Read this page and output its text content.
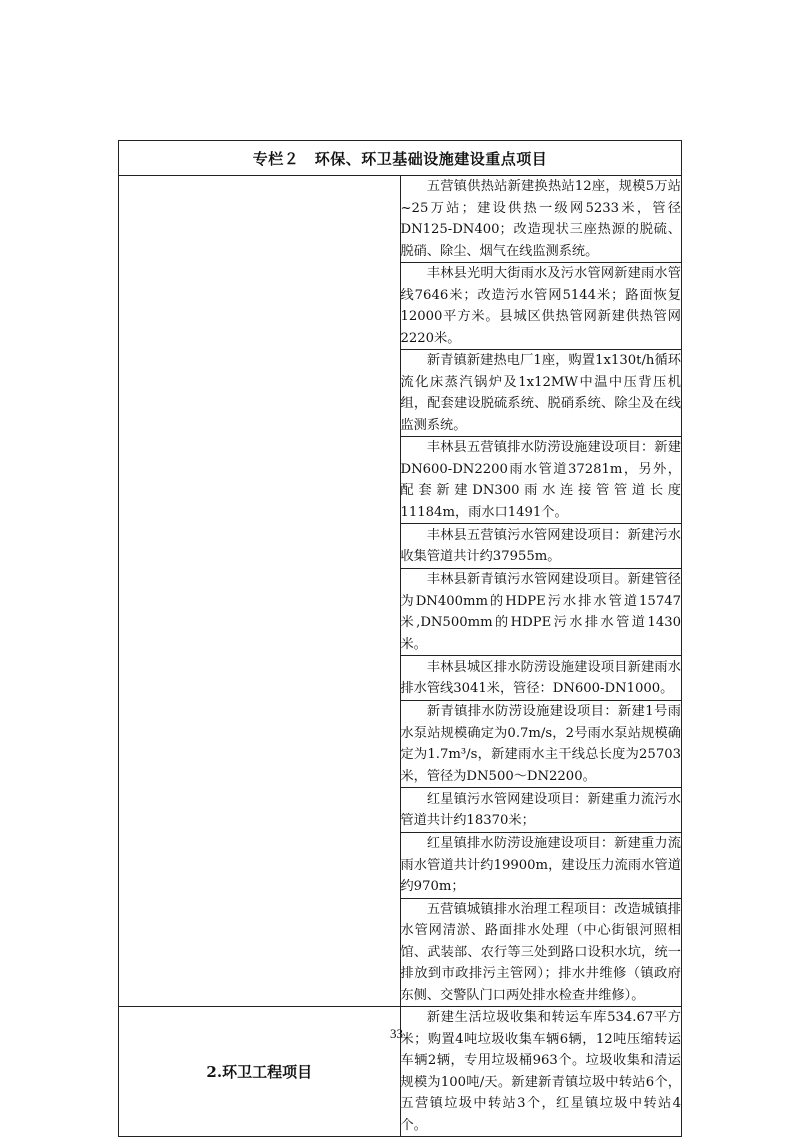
专栏２　环保、环卫基础设施建设重点项目	
	五营镇供热站新建换热站12座，规模5万站~25万站；建设供热一级网5233米，管径DN125-DN400；改造现状三座热源的脱硫、脱硝、除尘、烟气在线监测系统。
	丰林县光明大街雨水及污水管网新建雨水管线7646米；改造污水管网5144米；路面恢复12000平方米。县城区供热管网新建供热管网2220米。
	新青镇新建热电厂1座，购置1x130t/h循环流化床蒸汽锅炉及1x12MW中温中压背压机组，配套建设脱硫系统、脱硝系统、除尘及在线监测系统。
	丰林县五营镇排水防涝设施建设项目：新建DN600-DN2200雨水管道37281m，另外，配套新建DN300雨水连接管管道长度11184m，雨水口1491个。
	丰林县五营镇污水管网建设项目：新建污水收集管道共计约37955m。
	丰林县新青镇污水管网建设项目。新建管径为DN400mm的HDPE污水排水管道15747米,DN500mm的HDPE污水排水管道1430米。
	丰林县城区排水防涝设施建设项目新建雨水排水管线3041米，管径：DN600-DN1000。
	新青镇排水防涝设施建设项目：新建1号雨水泵站规模确定为0.7m/s，2号雨水泵站规模确定为1.7m³/s，新建雨水主干线总长度为25703米，管径为DN500～DN2200。
	红星镇污水管网建设项目：新建重力流污水管道共计约18370米；
	红星镇排水防涝设施建设项目：新建重力流雨水管道共计约19900m，建设压力流雨水管道约970m；
	五营镇城镇排水治理工程项目：改造城镇排水管网清淤、路面排水处理（中心街银河照相馆、武装部、农行等三处到路口设积水坑，统一排放到市政排污主管网）；排水井维修（镇政府东侧、交警队门口两处排水检查井维修）。
2.环卫工程项目	新建生活垃圾收集和转运车库534.67平方米；购置4吨垃圾收集车辆6辆，12吨压缩转运车辆2辆，专用垃圾桶963个。垃圾收集和清运规模为100吨/天。新建新青镇垃圾中转站6个，五营镇垃圾中转站3个，红星镇垃圾中转站4个。
33
